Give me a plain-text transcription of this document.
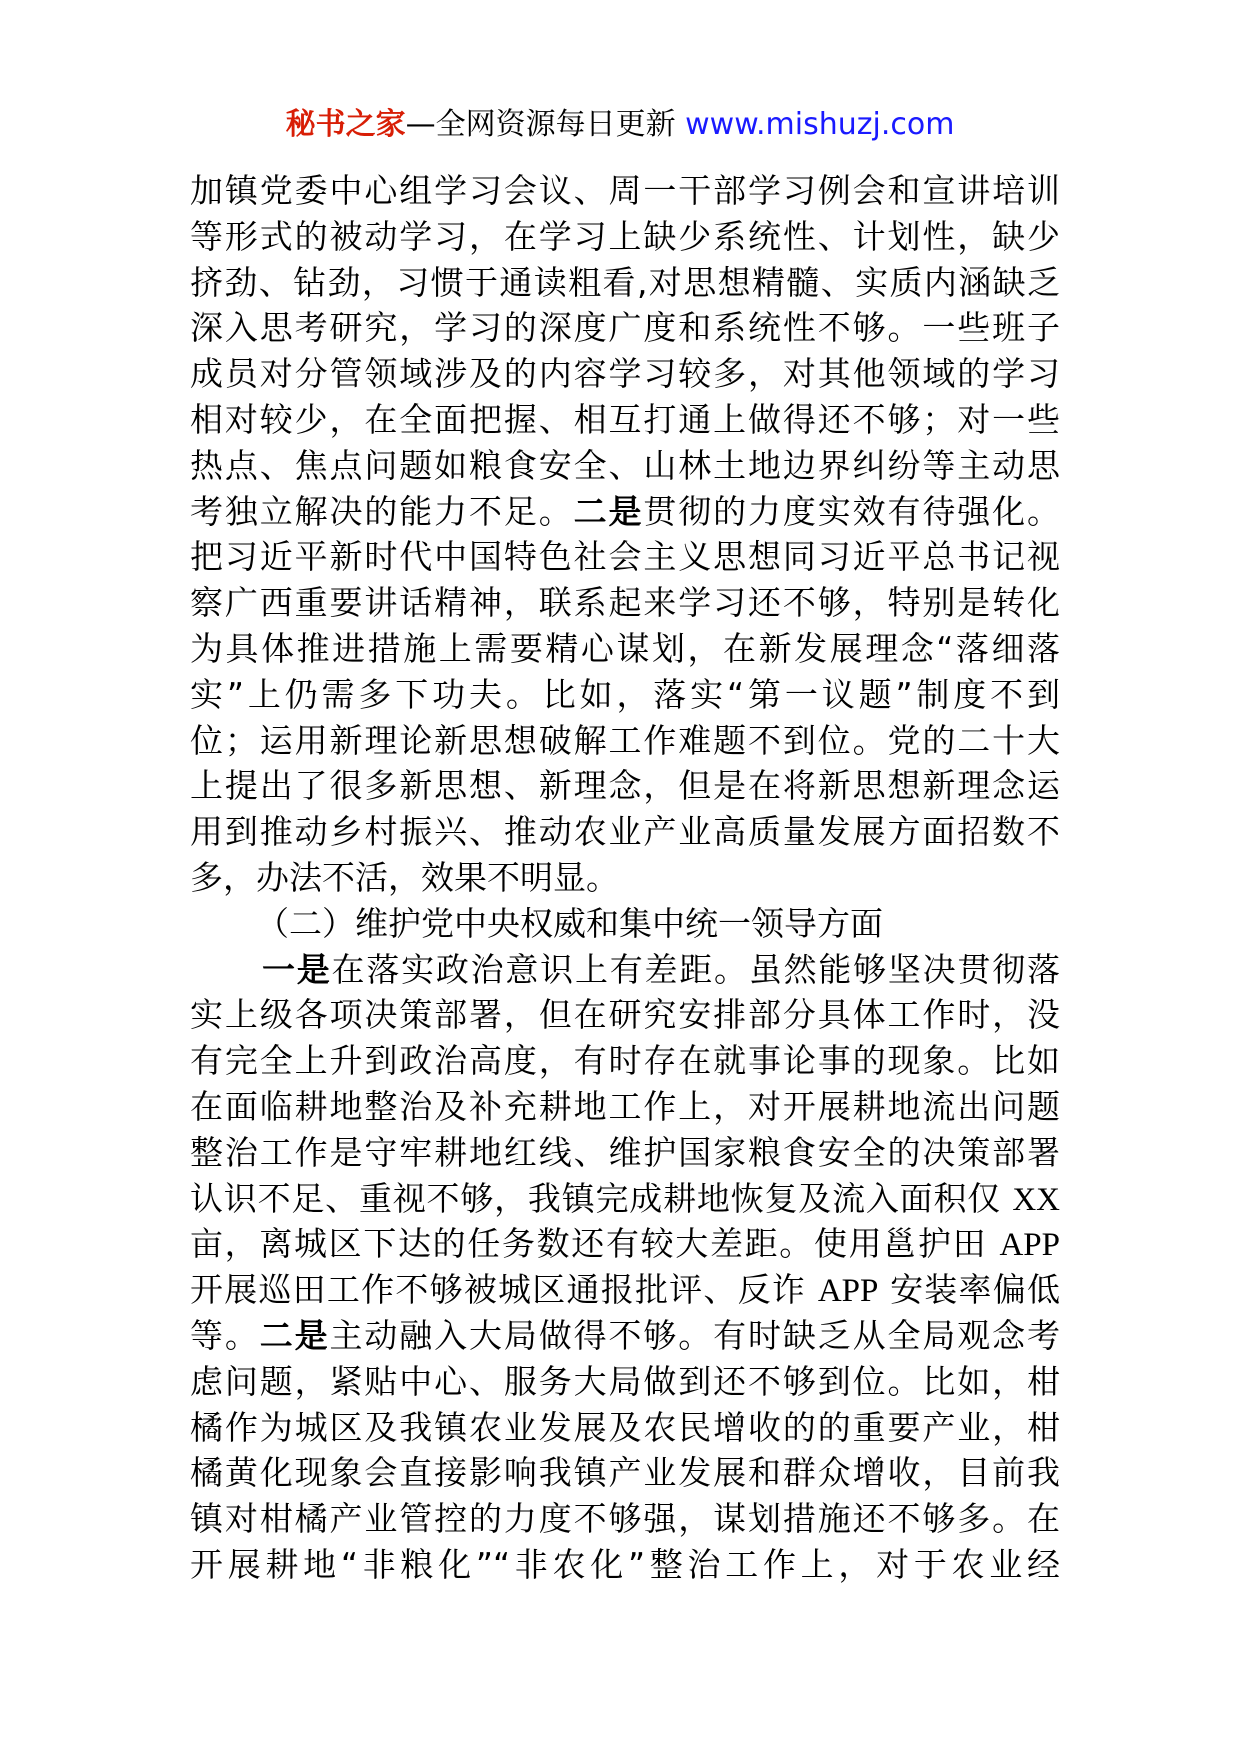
秘书之家—全网资源每日更新 www.mishuzj.com
加镇党委中心组学习会议、周一干部学习例会和宣讲培训
等形式的被动学习，在学习上缺少系统性、计划性，缺少
挤劲、钻劲，习惯于通读粗看,对思想精髓、实质内涵缺乏
深入思考研究，学习的深度广度和系统性不够。一些班子
成员对分管领域涉及的内容学习较多，对其他领域的学习
相对较少，在全面把握、相互打通上做得还不够；对一些
热点、焦点问题如粮食安全、山林土地边界纠纷等主动思
考独立解决的能力不足。二是贯彻的力度实效有待强化。
把习近平新时代中国特色社会主义思想同习近平总书记视
察广西重要讲话精神，联系起来学习还不够，特别是转化
为具体推进措施上需要精心谋划，在新发展理念“落细落
实”上仍需多下功夫。比如，落实“第一议题”制度不到
位；运用新理论新思想破解工作难题不到位。党的二十大
上提出了很多新思想、新理念，但是在将新思想新理念运
用到推动乡村振兴、推动农业产业高质量发展方面招数不
多，办法不活，效果不明显。
（二）维护党中央权威和集中统一领导方面
一是在落实政治意识上有差距。虽然能够坚决贯彻落
实上级各项决策部署，但在研究安排部分具体工作时，没
有完全上升到政治高度，有时存在就事论事的现象。比如
在面临耕地整治及补充耕地工作上，对开展耕地流出问题
整治工作是守牢耕地红线、维护国家粮食安全的决策部署
认识不足、重视不够，我镇完成耕地恢复及流入面积仅 XX
亩，离城区下达的任务数还有较大差距。使用邕护田 APP
开展巡田工作不够被城区通报批评、反诈 APP 安装率偏低
等。二是主动融入大局做得不够。有时缺乏从全局观念考
虑问题，紧贴中心、服务大局做到还不够到位。比如，柑
橘作为城区及我镇农业发展及农民增收的的重要产业，柑
橘黄化现象会直接影响我镇产业发展和群众增收，目前我
镇对柑橘产业管控的力度不够强，谋划措施还不够多。在
开展耕地“非粮化”“非农化”整治工作上，对于农业经
